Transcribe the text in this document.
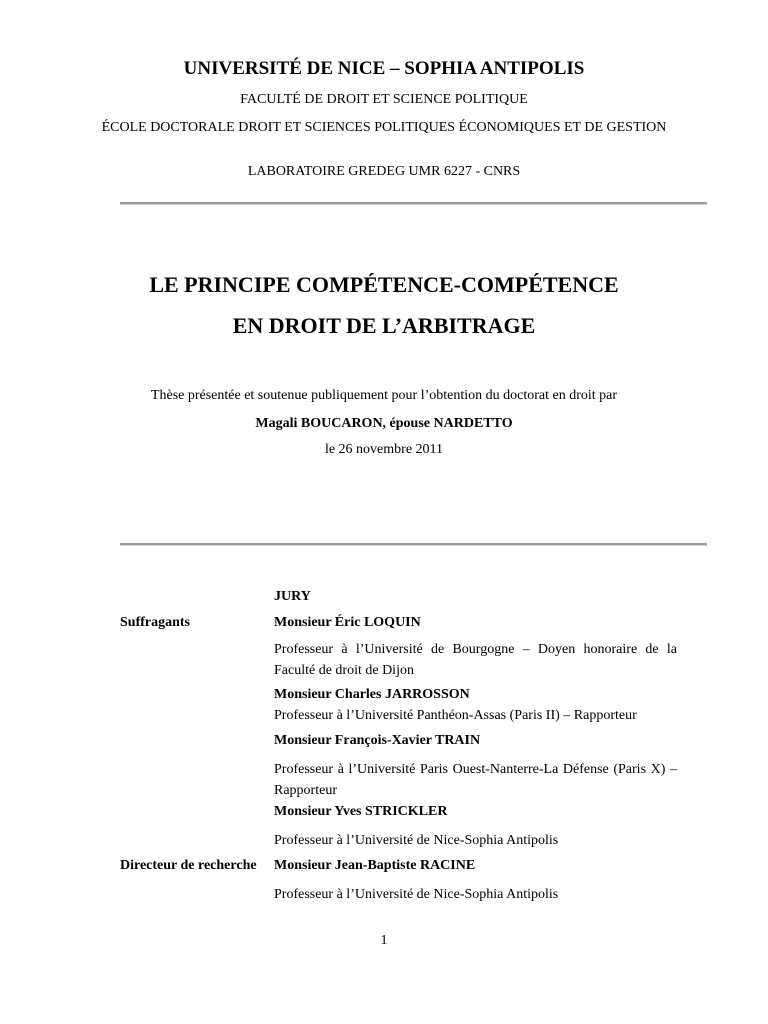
UNIVERSITÉ DE NICE – SOPHIA ANTIPOLIS
FACULTÉ DE DROIT ET SCIENCE POLITIQUE
ÉCOLE DOCTORALE DROIT ET SCIENCES POLITIQUES ÉCONOMIQUES ET DE GESTION
LABORATOIRE GREDEG UMR 6227 - CNRS
LE PRINCIPE COMPÉTENCE-COMPÉTENCE
EN DROIT DE L’ARBITRAGE
Thèse présentée et soutenue publiquement pour l’obtention du doctorat en droit par
Magali BOUCARON, épouse NARDETTO
le 26 novembre 2011
JURY
Suffragants	Monsieur Éric LOQUIN
Professeur à l’Université de Bourgogne – Doyen honoraire de la Faculté de droit de Dijon
Monsieur Charles JARROSSON
Professeur à l’Université Panthéon-Assas (Paris II) – Rapporteur
Monsieur François-Xavier TRAIN
Professeur à l’Université Paris Ouest-Nanterre-La Défense (Paris X) – Rapporteur
Monsieur Yves STRICKLER
Professeur à l’Université de Nice-Sophia Antipolis
Directeur de recherche Monsieur Jean-Baptiste RACINE
Professeur à l’Université de Nice-Sophia Antipolis
1
